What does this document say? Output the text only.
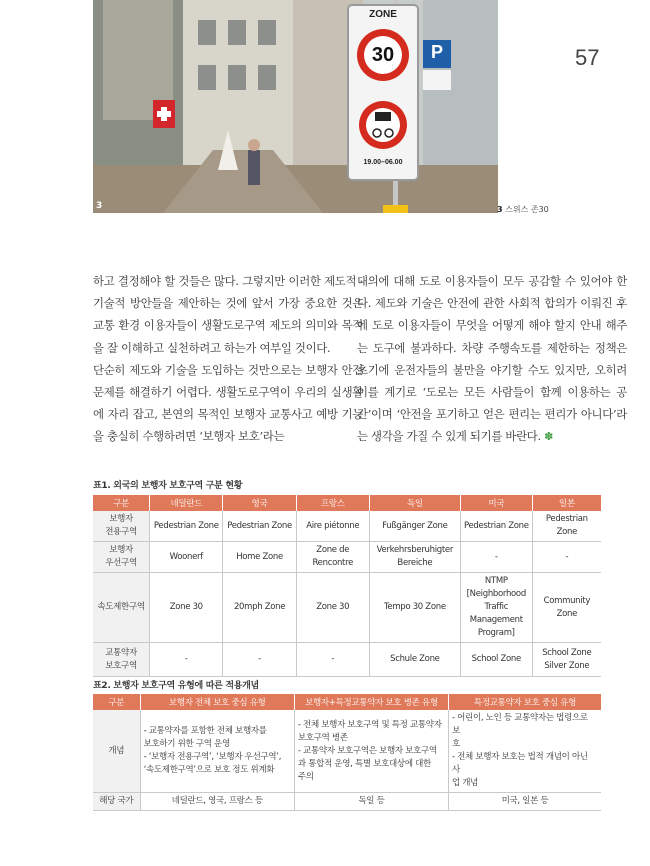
ZONE
30
19.00–06.00
P
3
57
3 스위스 존30

하고 결정해야 할 것들은 많다. 그렇지만 이러한 제도적 · 기술적 방안들을 제안하는 것에 앞서 가장 중요한 것은 교통 환경 이용자들이 생활도로구역 제도의 의미와 목적을 잘 이해하고 실천하려고 하는가 여부일 것이다.

단순히 제도와 기술을 도입하는 것만으로는 보행자 안전문제를 해결하기 어렵다. 생활도로구역이 우리의 실생활에 자리 잡고, 본연의 목적인 보행자 교통사고 예방 기능을 충실히 수행하려면 ‘보행자 보호’라는

대의에 대해 도로 이용자들이 모두 공감할 수 있어야 한다. 제도와 기술은 안전에 관한 사회적 합의가 이뤄진 후에 도로 이용자들이 무엇을 어떻게 해야 할지 안내 해주는 도구에 불과하다. 차량 주행속도를 제한하는 정책은 초기에 운전자들의 불만을 야기할 수도 있지만, 오히려 이를 계기로 ‘도로는 모든 사람들이 함께 이용하는 공간’이며 ‘안전을 포기하고 얻은 편리는 편리가 아니다’라는 생각을 가질 수 있게 되기를 바란다. ✽

표1. 외국의 보행자 보호구역 구분 현황
구분	네덜란드	영국	프랑스	독일	미국	일본
보행자
전용구역	Pedestrian Zone	Pedestrian Zone	Aire piétonne	Fußgänger Zone	Pedestrian Zone	Pedestrian Zone
보행자
우선구역	Woonerf	Home Zone	Zone de
Rencontre	Verkehrsberuhigter
Bereiche	-	-
속도제한구역	Zone 30	20mph Zone	Zone 30	Tempo 30 Zone	NTMP
[Neighborhood
Traffic
Management
Program]	Community Zone
교통약자
보호구역	-	-	-	Schule Zone	School Zone	School Zone
Silver Zone
표2. 보행자 보호구역 유형에 따른 적용개념
구분	보행자 전체 보호 중심 유형	보행자+특정교통약자 보호 병존 유형	특정교통약자 보호 중심 유형
개념	- 교통약자를 포함한 전체 보행자를
보호하기 위한 구역 운영
- ‘보행자 전용구역’, ‘보행자 우선구역’,
‘속도제한구역’으로 보호 정도 위계화	- 전체 보행자 보호구역 및 특정 교통약자
보호구역 병존
- 교통약자 보호구역은 보행자 보호구역
과 통합적 운영, 특별 보호대상에 대한
주의	- 어린이, 노인 등 교통약자는 법령으로 보
호
- 전체 보행자 보호는 법적 개념이 아닌 사
업 개념
해당 국가	네덜란드, 영국, 프랑스 등	독일 등	미국, 일본 등
